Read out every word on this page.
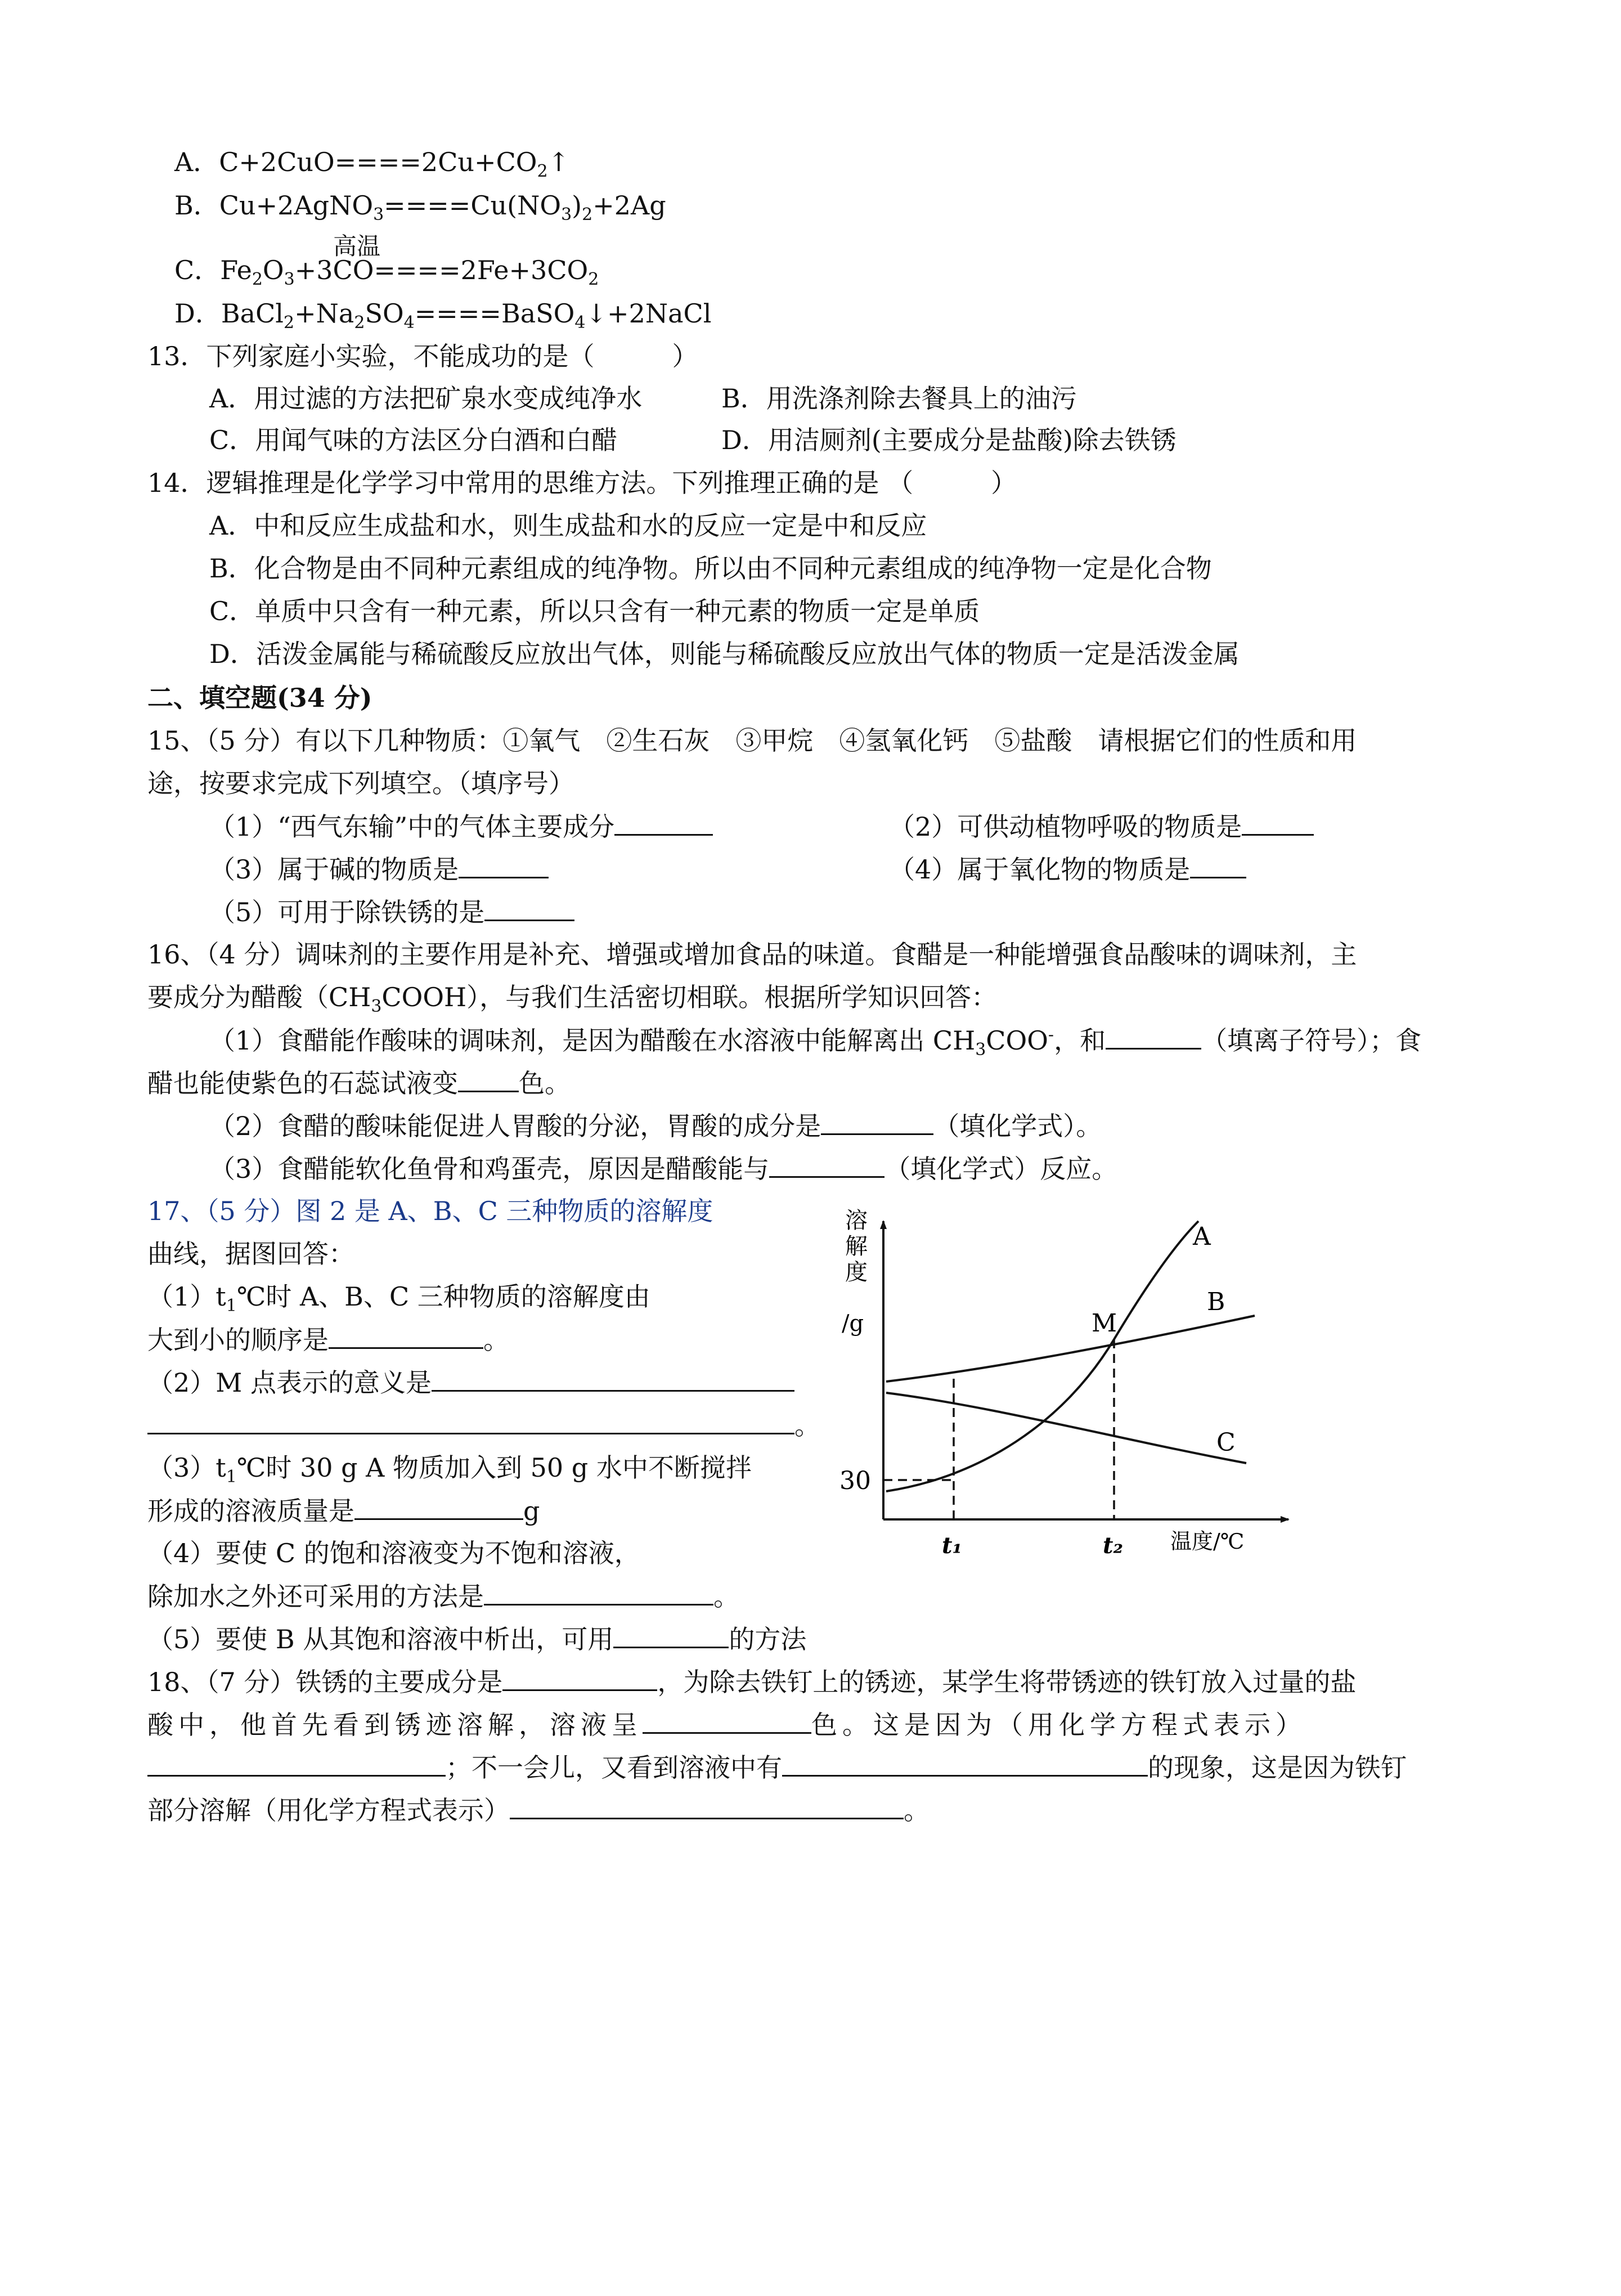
A．$C+2CuO====2Cu+CO_2↑$
B．$Cu+2AgNO_3====Cu(NO_3)_2+2Ag$
高温
C．$Fe_2O_3+3CO====2Fe+3CO_2$
D．$BaCl_2+Na_2SO_4====BaSO_4↓+2NaCl$
13．下列家庭小实验，不能成功的是（　　　）
A．用过滤的方法把矿泉水变成纯净水	B．用洗涤剂除去餐具上的油污
C．用闻气味的方法区分白酒和白醋	D．用洁厕剂(主要成分是盐酸)除去铁锈
14．逻辑推理是化学学习中常用的思维方法。下列推理正确的是 （　　　）
A．中和反应生成盐和水，则生成盐和水的反应一定是中和反应
B．化合物是由不同种元素组成的纯净物。所以由不同种元素组成的纯净物一定是化合物
C．单质中只含有一种元素，所以只含有一种元素的物质一定是单质
D．活泼金属能与稀硫酸反应放出气体，则能与稀硫酸反应放出气体的物质一定是活泼金属
二、填空题(34 分)
15、（5 分）有以下几种物质：①氧气　②生石灰　③甲烷　④氢氧化钙　⑤盐酸　请根据它们的性质和用
途，按要求完成下列填空。（填序号）
（1）“西气东输”中的气体主要成分	（2）可供动植物呼吸的物质是
（3）属于碱的物质是	（4）属于氧化物的物质是
（5）可用于除铁锈的是
16、（4 分）调味剂的主要作用是补充、增强或增加食品的味道。食醋是一种能增强食品酸味的调味剂，主
要成分为醋酸$(CH_3COOH)$，与我们生活密切相联。根据所学知识回答：
（1）食醋能作酸味的调味剂，是因为醋酸在水溶液中能解离出 $CH_3COO^-$，和	（填离子符号）；食
醋也能使紫色的石蕊试液变 色。
（2）食醋的酸味能促进人胃酸的分泌，胃酸的成分是	（填化学式）。
（3）食醋能软化鱼骨和鸡蛋壳，原因是醋酸能与	（填化学式）反应。
17、（5 分）图 2 是 A、B、C 三种物质的溶解度
曲线，据图回答：
$(1)t_1℃$时 A、B、C 三种物质的溶解度由
大到小的顺序是	。
（2）M 点表示的意义是
。
$(3)t_1℃$时 30 g A 物质加入到 50 g 水中不断搅拌
形成的溶液质量是	g
（4）要使 C 的饱和溶液变为不饱和溶液，
除加水之外还可采用的方法是	。
（5）要使 B 从其饱和溶液中析出，可用	的方法
溶
解
度
/g
A
B
C
M
30
t₁	t₂ 温度/℃
18、（7 分）铁锈的主要成分是	，为除去铁钉上的锈迹，某学生将带锈迹的铁钉放入过量的盐
酸中，他首先看到锈迹溶解，溶液呈	色。这是因为（用化学方程式表示）
；不一会儿，又看到溶液中有	的现象，这是因为铁钉
部分溶解（用化学方程式表示）	。
